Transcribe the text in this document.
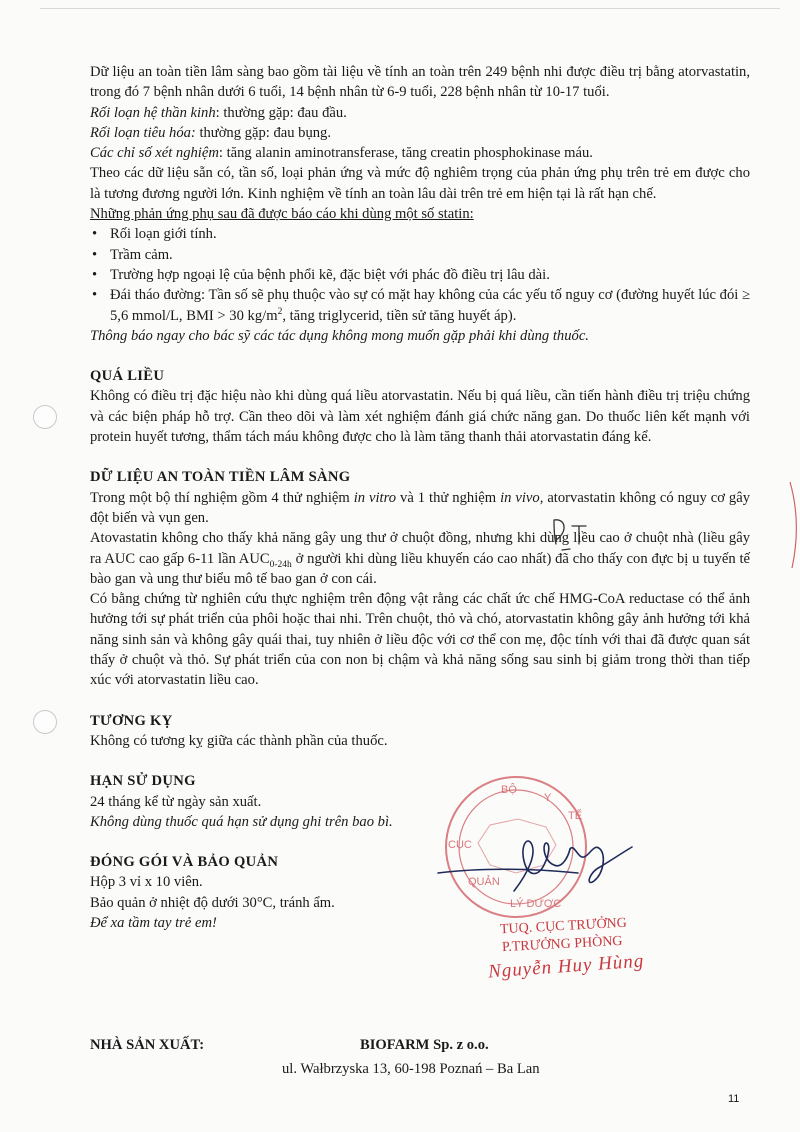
Dữ liệu an toàn tiền lâm sàng bao gồm tài liệu về tính an toàn trên 249 bệnh nhi được điều trị bằng atorvastatin, trong đó 7 bệnh nhân dưới 6 tuổi, 14 bệnh nhân từ 6-9 tuổi, 228 bệnh nhân từ 10-17 tuổi.

Rối loạn hệ thần kinh: thường gặp: đau đầu.

Rối loạn tiêu hóa: thường gặp: đau bụng.

Các chỉ số xét nghiệm: tăng alanin aminotransferase, tăng creatin phosphokinase máu.

Theo các dữ liệu sẵn có, tần số, loại phản ứng và mức độ nghiêm trọng của phản ứng phụ trên trẻ em được cho là tương đương người lớn. Kinh nghiệm về tính an toàn lâu dài trên trẻ em hiện tại là rất hạn chế.

Những phản ứng phụ sau đã được báo cáo khi dùng một số statin:

• Rối loạn giới tính.
• Trầm cảm.
• Trường hợp ngoại lệ của bệnh phổi kẽ, đặc biệt với phác đồ điều trị lâu dài.
• Đái tháo đường: Tần số sẽ phụ thuộc vào sự có mặt hay không của các yếu tố nguy cơ (đường huyết lúc đói ≥ 5,6 mmol/L, BMI > 30 $kg/m^2$, tăng triglycerid, tiền sử tăng huyết áp).

Thông báo ngay cho bác sỹ các tác dụng không mong muốn gặp phải khi dùng thuốc.

QUÁ LIỀU

Không có điều trị đặc hiệu nào khi dùng quá liều atorvastatin. Nếu bị quá liều, cần tiến hành điều trị triệu chứng và các biện pháp hỗ trợ. Cần theo dõi và làm xét nghiệm đánh giá chức năng gan. Do thuốc liên kết mạnh với protein huyết tương, thẩm tách máu không được cho là làm tăng thanh thải atorvastatin đáng kể.

DỮ LIỆU AN TOÀN TIỀN LÂM SÀNG

Trong một bộ thí nghiệm gồm 4 thử nghiệm in vitro và 1 thử nghiệm in vivo, atorvastatin không có nguy cơ gây đột biến và vụn gen.

Atovastatin không cho thấy khả năng gây ung thư ở chuột đồng, nhưng khi dùng liều cao ở chuột nhà (liều gây ra AUC cao gấp 6-11 lần $AUC_{0-24h}$ ở người khi dùng liều khuyến cáo cao nhất) đã cho thấy con đực bị u tuyến tế bào gan và ung thư biểu mô tế bao gan ở con cái.

Có bằng chứng từ nghiên cứu thực nghiệm trên động vật rằng các chất ức chế HMG-CoA reductase có thể ảnh hưởng tới sự phát triển của phôi hoặc thai nhi. Trên chuột, thỏ và chó, atorvastatin không gây ảnh hưởng tới khả năng sinh sản và không gây quái thai, tuy nhiên ở liều độc với cơ thể con mẹ, độc tính với thai đã được quan sát thấy ở chuột và thỏ. Sự phát triển của con non bị chậm và khả năng sống sau sinh bị giảm trong thời than tiếp xúc với atorvastatin liều cao.

TƯƠNG KỴ

Không có tương kỵ giữa các thành phần của thuốc.

HẠN SỬ DỤNG

24 tháng kể từ ngày sản xuất.

Không dùng thuốc quá hạn sử dụng ghi trên bao bì.

ĐÓNG GÓI VÀ BẢO QUẢN

Hộp 3 vỉ x 10 viên.

Bảo quản ở nhiệt độ dưới 30°C, tránh ẩm.

Để xa tầm tay trẻ em!

NHÀ SẢN XUẤT:	BIOFARM Sp. z o.o.
ul. Wałbrzyska 13, 60-198 Poznań – Ba Lan
BỘ
Y
TẾ
CỤC
QUẢN
LÝ DƯỢC
TUQ. CỤC TRƯỞNG
P.TRƯỞNG PHÒNG
Nguyễn Huy Hùng
11
